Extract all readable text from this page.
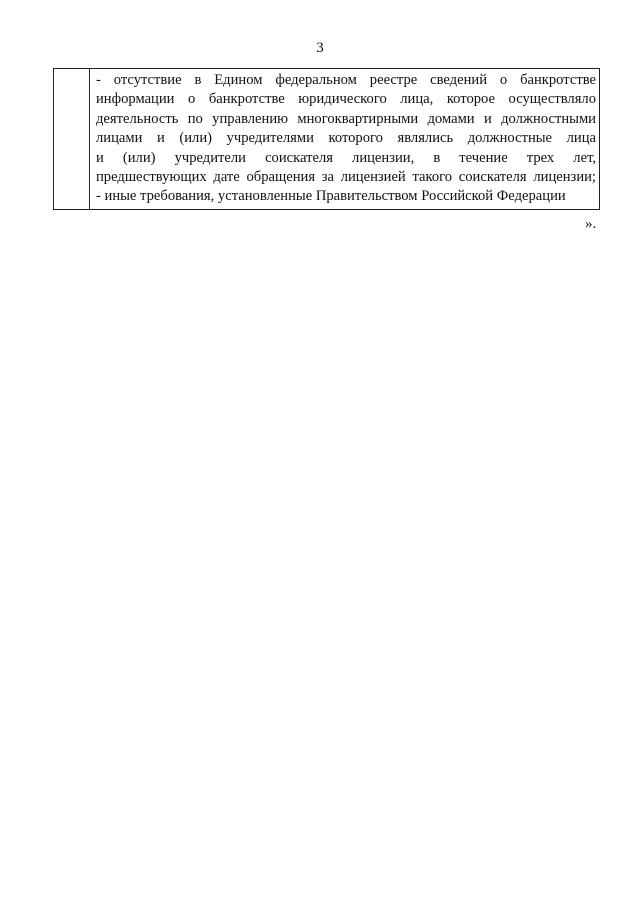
3
- отсутствие в Едином федеральном реестре сведений о банкротстве
информации о банкротстве юридического лица, которое осуществляло
деятельность по управлению многоквартирными домами и должностными
лицами и (или) учредителями которого являлись должностные лица
и (или) учредители соискателя лицензии, в течение трех лет,
предшествующих дате обращения за лицензией такого соискателя лицензии;
- иные требования, установленные Правительством Российской Федерации
».
